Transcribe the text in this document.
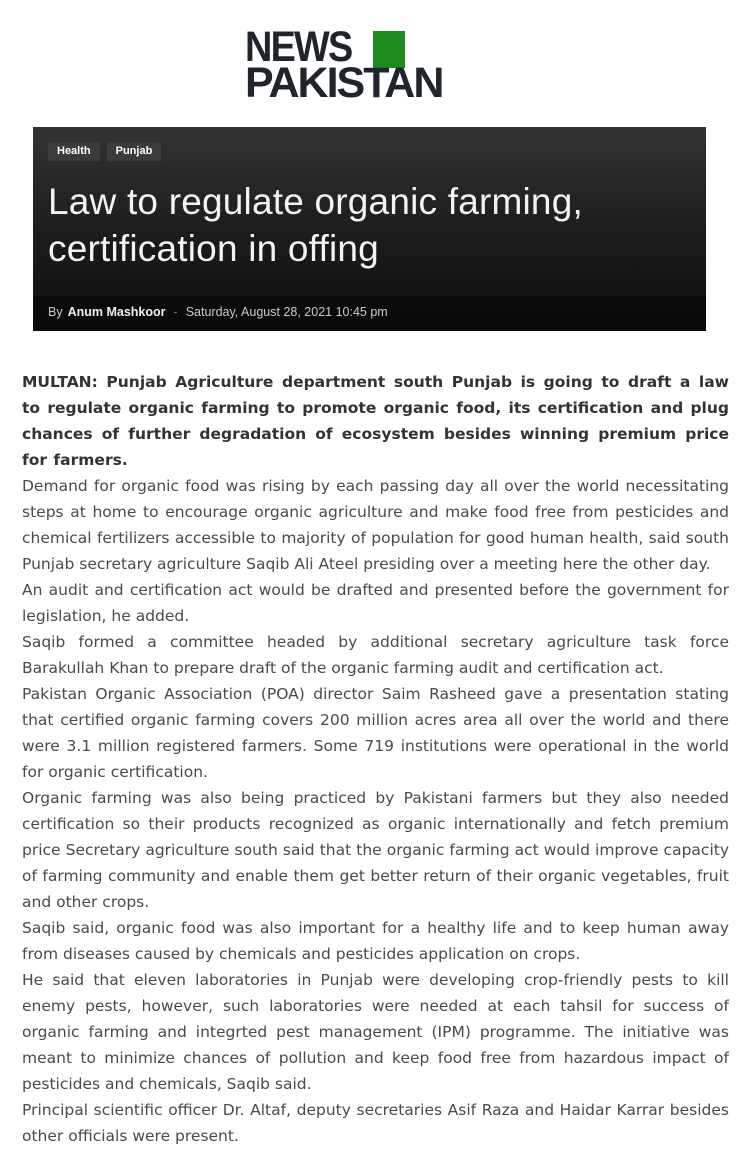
NEWS
PAKISTAN
Health	Punjab
Law to regulate organic farming, certification in offing
By Anum Mashkoor - Saturday, August 28, 2021 10:45 pm

MULTAN: Punjab Agriculture department south Punjab is going to draft a law to regulate organic farming to promote organic food, its certification and plug chances of further degradation of ecosystem besides winning premium price for farmers.

Demand for organic food was rising by each passing day all over the world necessitating steps at home to encourage organic agriculture and make food free from pesticides and chemical fertilizers accessible to majority of population for good human health, said south Punjab secretary agriculture Saqib Ali Ateel presiding over a meeting here the other day.

An audit and certification act would be drafted and presented before the government for legislation, he added.

Saqib formed a committee headed by additional secretary agriculture task force Barakullah Khan to prepare draft of the organic farming audit and certification act.

Pakistan Organic Association (POA) director Saim Rasheed gave a presentation stating that certified organic farming covers 200 million acres area all over the world and there were 3.1 million registered farmers. Some 719 institutions were operational in the world for organic certification.

Organic farming was also being practiced by Pakistani farmers but they also needed certification so their products recognized as organic internationally and fetch premium price Secretary agriculture south said that the organic farming act would improve capacity of farming community and enable them get better return of their organic vegetables, fruit and other crops.

Saqib said, organic food was also important for a healthy life and to keep human away from diseases caused by chemicals and pesticides application on crops.

He said that eleven laboratories in Punjab were developing crop-friendly pests to kill enemy pests, however, such laboratories were needed at each tahsil for success of organic farming and integrted pest management (IPM) programme. The initiative was meant to minimize chances of pollution and keep food free from hazardous impact of pesticides and chemicals, Saqib said.

Principal scientific officer Dr. Altaf, deputy secretaries Asif Raza and Haidar Karrar besides other officials were present.
